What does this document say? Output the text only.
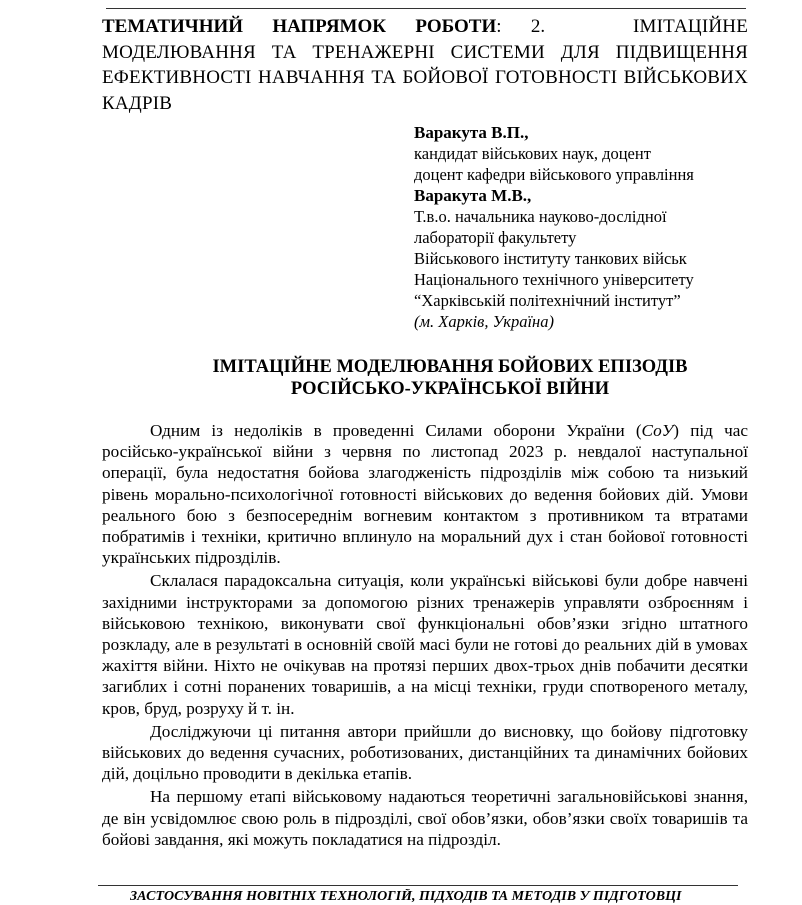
ТЕМАТИЧНИЙ НАПРЯМОК РОБОТИ: 2.	ІМІТАЦІЙНЕ МОДЕЛЮВАННЯ ТА ТРЕНАЖЕРНІ СИСТЕМИ ДЛЯ ПІДВИЩЕННЯ ЕФЕКТИВНОСТІ НАВЧАННЯ ТА БОЙОВОЇ ГОТОВНОСТІ ВІЙСЬКОВИХ КАДРІВ
Варакута В.П.,
кандидат військових наук, доцент
доцент кафедри військового управління
Варакута М.В.,
Т.в.о. начальника науково-дослідної
лабораторії факультету
Військового інституту танкових військ
Національного технічного університету
“Харківській політехнічний інститут”
(м. Харків, Україна)
ІМІТАЦІЙНЕ МОДЕЛЮВАННЯ БОЙОВИХ ЕПІЗОДІВ
РОСІЙСЬКО-УКРАЇНСЬКОЇ ВІЙНИ

Одним із недоліків в проведенні Силами оборони України (СоУ) під час російсько-української війни з червня по листопад 2023 р. невдалої наступальної операції, була недостатня бойова злагодженість підрозділів між собою та низький рівень морально-психологічної готовності військових до ведення бойових дій. Умови реального бою з безпосереднім вогневим контактом з противником та втратами побратимів і техніки, критично вплинуло на моральний дух і стан бойової готовності українських підрозділів.

Склалася парадоксальна ситуація, коли українські військові були добре навчені західними інструкторами за допомогою різних тренажерів управляти озброєнням і військовою технікою, виконувати свої функціональні обов’язки згідно штатного розкладу, але в результаті в основній своїй масі були не готові до реальних дій в умовах жахіття війни. Ніхто не очікував на протязі перших двох-трьох днів побачити десятки загиблих і сотні поранених товаришів, а на місці техніки, груди спотвореного металу, кров, бруд, розруху й т. ін.

Досліджуючи ці питання автори прийшли до висновку, що бойову підготовку військових до ведення сучасних, роботизованих, дистанційних та динамічних бойових дій, доцільно проводити в декілька етапів.

На першому етапі військовому надаються теоретичні загальновійськові знання, де він усвідомлює свою роль в підрозділі, свої обов’язки, обов’язки своїх товаришів та бойові завдання, які можуть покладатися на підрозділ.

ЗАСТОСУВАННЯ НОВІТНІХ ТЕХНОЛОГІЙ, ПІДХОДІВ ТА МЕТОДІВ У ПІДГОТОВЦІ
